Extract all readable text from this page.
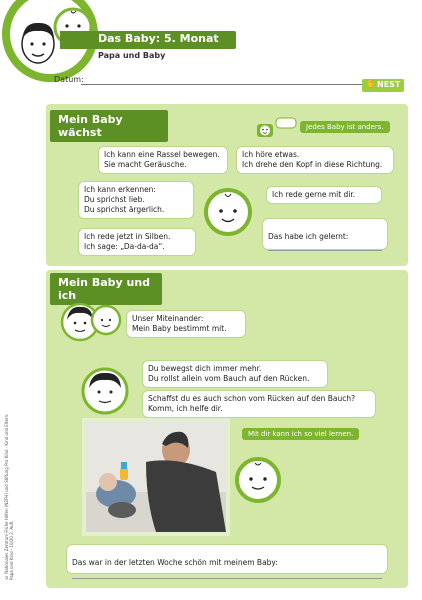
Das Baby: 5. Monat
Papa und Baby
Datum:	✋ NEST
Mein Baby wächst	Jedes Baby ist anders.
Ich kann eine Rassel bewegen.
Sie macht Geräusche.
Ich höre etwas.
Ich drehe den Kopf in diese Richtung.
Ich kann erkennen:
Du sprichst lieb.
Du sprichst ärgerlich.
Ich rede gerne mit dir.
Ich rede jetzt in Silben.
Ich sage: „Da-da-da“.

Das habe ich gelernt:

Mein Baby und ich
Unser Miteinander:
Mein Baby bestimmt mit.
Du bewegst dich immer mehr.
Du rollst allein vom Bauch auf den Rücken.
Schaffst du es auch schon vom Rücken auf den Bauch?
Komm, ich helfe dir.
Mit dir kann ich so viel lernen.

Das war in der letzten Woche schön mit meinem Baby:

© Nationales Zentrum Frühe Hilfen (NZFH) und Stiftung Pro Kind · Kind und Eltern: Papa und Kind · 10/20 2. Aufl.
